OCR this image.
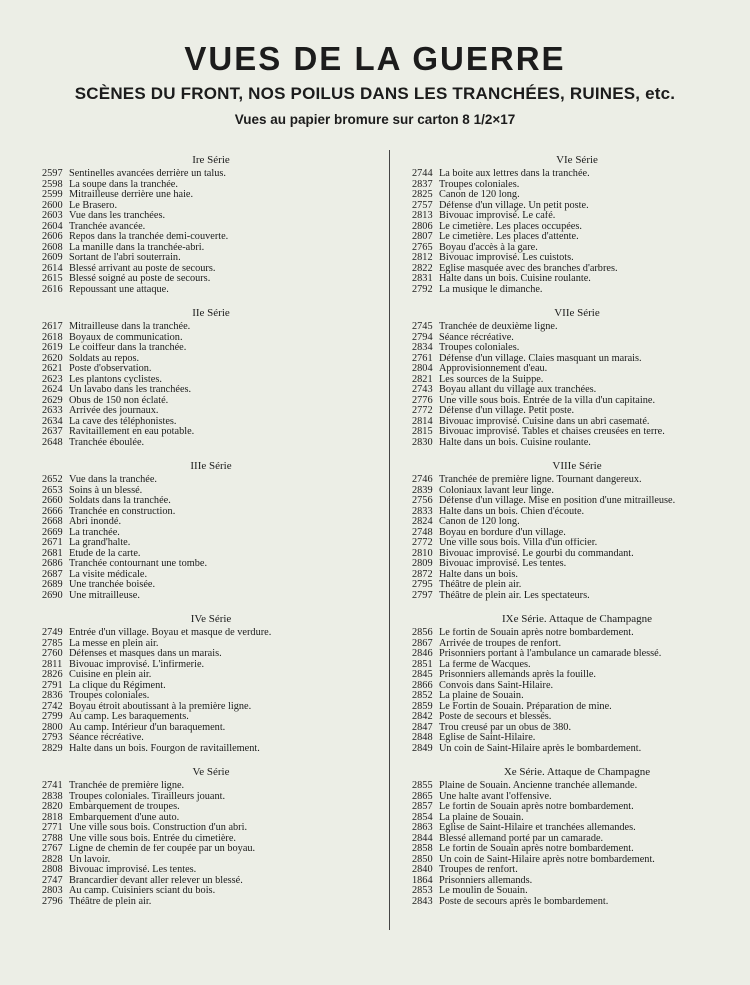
VUES DE LA GUERRE
SCÈNES DU FRONT, NOS POILUS DANS LES TRANCHÉES, RUINES, etc.
Vues au papier bromure sur carton 8 1/2×17
Ire Série
2597 Sentinelles avancées derrière un talus.
2598 La soupe dans la tranchée.
2599 Mitrailleuse derrière une haie.
2600 Le Brasero.
2603 Vue dans les tranchées.
2604 Tranchée avancée.
2606 Repos dans la tranchée demi-couverte.
2608 La manille dans la tranchée-abri.
2609 Sortant de l'abri souterrain.
2614 Blessé arrivant au poste de secours.
2615 Blessé soigné au poste de secours.
2616 Repoussant une attaque.
IIe Série
2617 Mitrailleuse dans la tranchée.
2618 Boyaux de communication.
2619 Le coiffeur dans la tranchée.
2620 Soldats au repos.
2621 Poste d'observation.
2623 Les plantons cyclistes.
2624 Un lavabo dans les tranchées.
2629 Obus de 150 non éclaté.
2633 Arrivée des journaux.
2634 La cave des téléphonistes.
2637 Ravitaillement en eau potable.
2648 Tranchée éboulée.
IIIe Série
2652 Vue dans la tranchée.
2653 Soins à un blessé.
2660 Soldats dans la tranchée.
2666 Tranchée en construction.
2668 Abri inondé.
2669 La tranchée.
2671 La grand'halte.
2681 Etude de la carte.
2686 Tranchée contournant une tombe.
2687 La visite médicale.
2689 Une tranchée boisée.
2690 Une mitrailleuse.
IVe Série
2749 Entrée d'un village. Boyau et masque de verdure.
2785 La messe en plein air.
2760 Défenses et masques dans un marais.
2811 Bivouac improvisé. L'infirmerie.
2826 Cuisine en plein air.
2791 La clique du Régiment.
2836 Troupes coloniales.
2742 Boyau étroit aboutissant à la première ligne.
2799 Au camp. Les baraquements.
2800 Au camp. Intérieur d'un baraquement.
2793 Séance récréative.
2829 Halte dans un bois. Fourgon de ravitaillement.
Ve Série
2741 Tranchée de première ligne.
2838 Troupes coloniales. Tirailleurs jouant.
2820 Embarquement de troupes.
2818 Embarquement d'une auto.
2771 Une ville sous bois. Construction d'un abri.
2788 Une ville sous bois. Entrée du cimetière.
2767 Ligne de chemin de fer coupée par un boyau.
2828 Un lavoir.
2808 Bivouac improvisé. Les tentes.
2747 Brancardier devant aller relever un blessé.
2803 Au camp. Cuisiniers sciant du bois.
2796 Théâtre de plein air.
VIe Série
2744 La boite aux lettres dans la tranchée.
2837 Troupes coloniales.
2825 Canon de 120 long.
2757 Défense d'un village. Un petit poste.
2813 Bivouac improvisé. Le café.
2806 Le cimetière. Les places occupées.
2807 Le cimetière. Les places d'attente.
2765 Boyau d'accès à la gare.
2812 Bivouac improvisé. Les cuistots.
2822 Eglise masquée avec des branches d'arbres.
2831 Halte dans un bois. Cuisine roulante.
2792 La musique le dimanche.
VIIe Série
2745 Tranchée de deuxième ligne.
2794 Séance récréative.
2834 Troupes coloniales.
2761 Défense d'un village. Claies masquant un marais.
2804 Approvisionnement d'eau.
2821 Les sources de la Suippe.
2743 Boyau allant du village aux tranchées.
2776 Une ville sous bois. Entrée de la villa d'un capitaine.
2772 Défense d'un village. Petit poste.
2814 Bivouac improvisé. Cuisine dans un abri casematé.
2815 Bivouac improvisé. Tables et chaises creusées en terre.
2830 Halte dans un bois. Cuisine roulante.
VIIIe Série
2746 Tranchée de première ligne. Tournant dangereux.
2839 Coloniaux lavant leur linge.
2756 Défense d'un village. Mise en position d'une mitrailleuse.
2833 Halte dans un bois. Chien d'écoute.
2824 Canon de 120 long.
2748 Boyau en bordure d'un village.
2772 Une ville sous bois. Villa d'un officier.
2810 Bivouac improvisé. Le gourbi du commandant.
2809 Bivouac improvisé. Les tentes.
2872 Halte dans un bois.
2795 Théâtre de plein air.
2797 Théâtre de plein air. Les spectateurs.
IXe Série. Attaque de Champagne
2856 Le fortin de Souain après notre bombardement.
2867 Arrivée de troupes de renfort.
2846 Prisonniers portant à l'ambulance un camarade blessé.
2851 La ferme de Wacques.
2845 Prisonniers allemands après la fouille.
2866 Convois dans Saint-Hilaire.
2852 La plaine de Souain.
2859 Le Fortin de Souain. Préparation de mine.
2842 Poste de secours et blessés.
2847 Trou creusé par un obus de 380.
2848 Eglise de Saint-Hilaire.
2849 Un coin de Saint-Hilaire après le bombardement.
Xe Série. Attaque de Champagne
2855 Plaine de Souain. Ancienne tranchée allemande.
2865 Une halte avant l'offensive.
2857 Le fortin de Souain après notre bombardement.
2854 La plaine de Souain.
2863 Eglise de Saint-Hilaire et tranchées allemandes.
2844 Blessé allemand porté par un camarade.
2858 Le fortin de Souain après notre bombardement.
2850 Un coin de Saint-Hilaire après notre bombardement.
2840 Troupes de renfort.
1864 Prisonniers allemands.
2853 Le moulin de Souain.
2843 Poste de secours après le bombardement.
